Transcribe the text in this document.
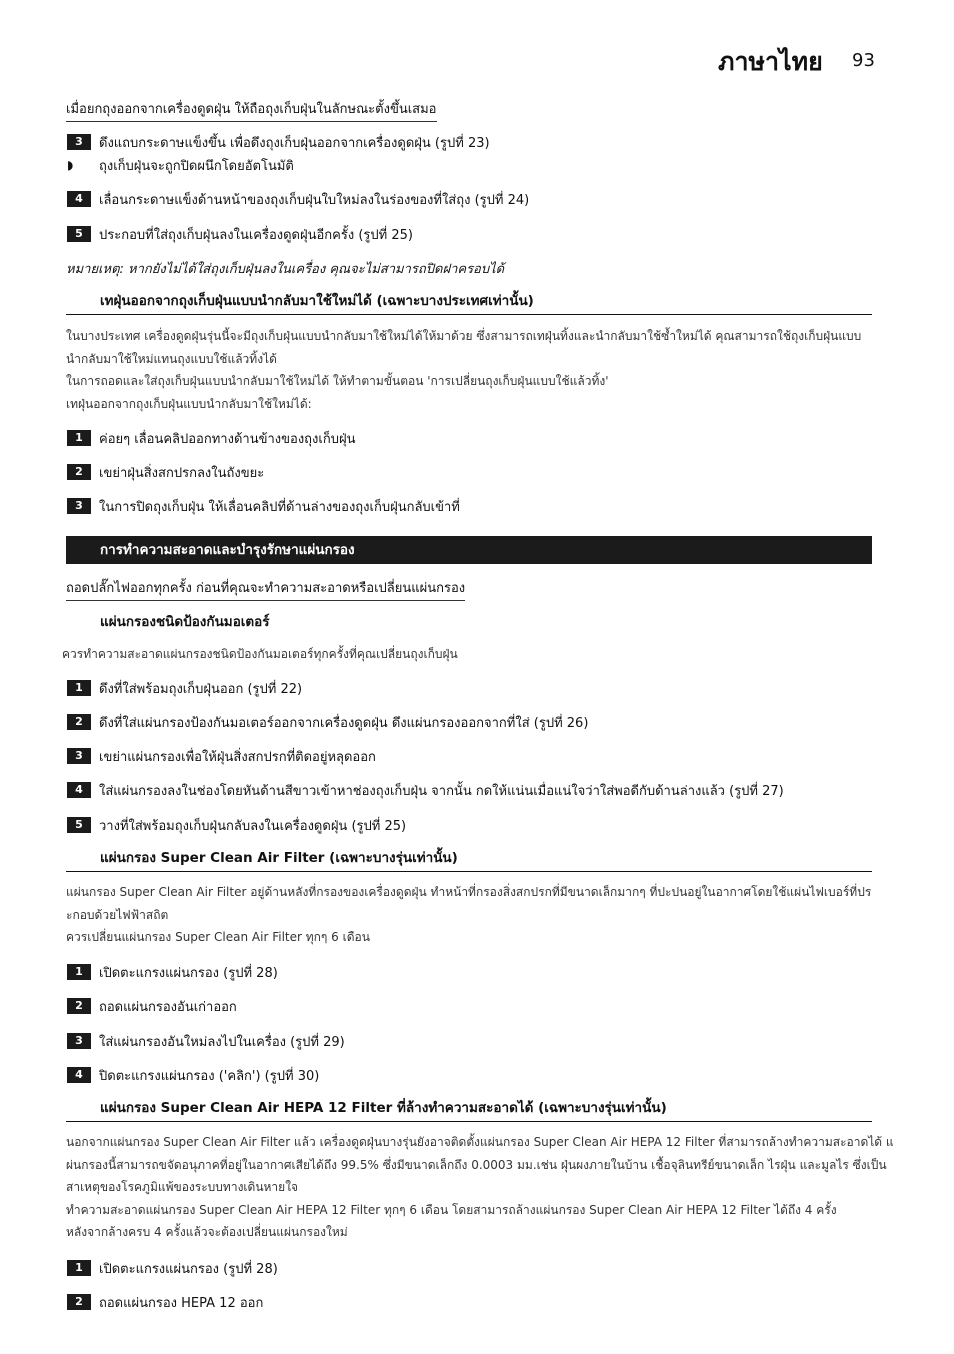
ภาษาไทย 93
เมื่อยกถุงออกจากเครื่องดูดฝุ่น ให้ถือถุงเก็บฝุ่นในลักษณะตั้งขึ้นเสมอ
3	ดึงแถบกระดาษแข็งขึ้น เพื่อดึงถุงเก็บฝุ่นออกจากเครื่องดูดฝุ่น (รูปที่ 23)
◗	ถุงเก็บฝุ่นจะถูกปิดผนึกโดยอัตโนมัติ
4	เลื่อนกระดาษแข็งด้านหน้าของถุงเก็บฝุ่นใบใหม่ลงในร่องของที่ใส่ถุง (รูปที่ 24)
5	ประกอบที่ใส่ถุงเก็บฝุ่นลงในเครื่องดูดฝุ่นอีกครั้ง (รูปที่ 25)
หมายเหตุ: หากยังไม่ได้ใส่ถุงเก็บฝุ่นลงในเครื่อง คุณจะไม่สามารถปิดฝาครอบได้
เทฝุ่นออกจากถุงเก็บฝุ่นแบบนำกลับมาใช้ใหม่ได้ (เฉพาะบางประเทศเท่านั้น)
ในบางประเทศ เครื่องดูดฝุ่นรุ่นนี้จะมีถุงเก็บฝุ่นแบบนำกลับมาใช้ใหม่ได้ให้มาด้วย ซึ่งสามารถเทฝุ่นทิ้งและนำกลับมาใช้ซ้ำใหม่ได้ คุณสามารถใช้ถุงเก็บฝุ่นแบบ
นำกลับมาใช้ใหม่แทนถุงแบบใช้แล้วทิ้งได้
ในการถอดและใส่ถุงเก็บฝุ่นแบบนำกลับมาใช้ใหม่ได้ ให้ทำตามขั้นตอน 'การเปลี่ยนถุงเก็บฝุ่นแบบใช้แล้วทิ้ง'
เทฝุ่นออกจากถุงเก็บฝุ่นแบบนำกลับมาใช้ใหม่ได้:
1	ค่อยๆ เลื่อนคลิปออกทางด้านข้างของถุงเก็บฝุ่น
2	เขย่าฝุ่นสิ่งสกปรกลงในถังขยะ
3	ในการปิดถุงเก็บฝุ่น ให้เลื่อนคลิปที่ด้านล่างของถุงเก็บฝุ่นกลับเข้าที่
การทำความสะอาดและบำรุงรักษาแผ่นกรอง
ถอดปลั๊กไฟออกทุกครั้ง ก่อนที่คุณจะทำความสะอาดหรือเปลี่ยนแผ่นกรอง
แผ่นกรองชนิดป้องกันมอเตอร์
ควรทำความสะอาดแผ่นกรองชนิดป้องกันมอเตอร์ทุกครั้งที่คุณเปลี่ยนถุงเก็บฝุ่น
1	ดึงที่ใส่พร้อมถุงเก็บฝุ่นออก (รูปที่ 22)
2	ดึงที่ใส่แผ่นกรองป้องกันมอเตอร์ออกจากเครื่องดูดฝุ่น ดึงแผ่นกรองออกจากที่ใส่ (รูปที่ 26)
3	เขย่าแผ่นกรองเพื่อให้ฝุ่นสิ่งสกปรกที่ติดอยู่หลุดออก
4	ใส่แผ่นกรองลงในช่องโดยหันด้านสีขาวเข้าหาช่องถุงเก็บฝุ่น จากนั้น กดให้แน่นเมื่อแน่ใจว่าใส่พอดีกับด้านล่างแล้ว (รูปที่ 27)
5	วางที่ใส่พร้อมถุงเก็บฝุ่นกลับลงในเครื่องดูดฝุ่น (รูปที่ 25)
แผ่นกรอง Super Clean Air Filter (เฉพาะบางรุ่นเท่านั้น)
แผ่นกรอง Super Clean Air Filter อยู่ด้านหลังที่กรองของเครื่องดูดฝุ่น ทำหน้าที่กรองสิ่งสกปรกที่มีขนาดเล็กมากๆ ที่ปะปนอยู่ในอากาศโดยใช้แผ่นไฟเบอร์ที่ปร
ะกอบด้วยไฟฟ้าสถิต
ควรเปลี่ยนแผ่นกรอง Super Clean Air Filter ทุกๆ 6 เดือน
1	เปิดตะแกรงแผ่นกรอง (รูปที่ 28)
2	ถอดแผ่นกรองอันเก่าออก
3	ใส่แผ่นกรองอันใหม่ลงไปในเครื่อง (รูปที่ 29)
4	ปิดตะแกรงแผ่นกรอง ('คลิก') (รูปที่ 30)
แผ่นกรอง Super Clean Air HEPA 12 Filter ที่ล้างทำความสะอาดได้ (เฉพาะบางรุ่นเท่านั้น)
นอกจากแผ่นกรอง Super Clean Air Filter แล้ว เครื่องดูดฝุ่นบางรุ่นยังอาจติดตั้งแผ่นกรอง Super Clean Air HEPA 12 Filter ที่สามารถล้างทำความสะอาดได้ แ
ผ่นกรองนี้สามารถขจัดอนุภาคที่อยู่ในอากาศเสียได้ถึง 99.5% ซึ่งมีขนาดเล็กถึง 0.0003 มม.เช่น ฝุ่นผงภายในบ้าน เชื้อจุลินทรีย์ขนาดเล็ก ไรฝุ่น และมูลไร ซึ่งเป็น
สาเหตุของโรคภูมิแพ้ของระบบทางเดินหายใจ
ทำความสะอาดแผ่นกรอง Super Clean Air HEPA 12 Filter ทุกๆ 6 เดือน โดยสามารถล้างแผ่นกรอง Super Clean Air HEPA 12 Filter ได้ถึง 4 ครั้ง
หลังจากล้างครบ 4 ครั้งแล้วจะต้องเปลี่ยนแผ่นกรองใหม่
1	เปิดตะแกรงแผ่นกรอง (รูปที่ 28)
2	ถอดแผ่นกรอง HEPA 12 ออก
